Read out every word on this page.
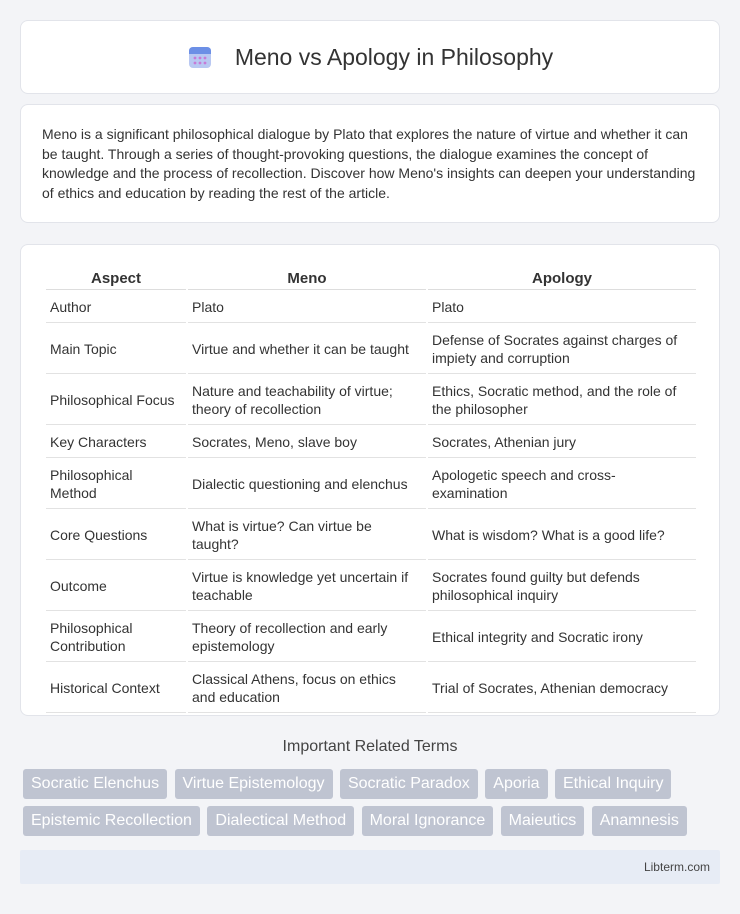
Meno vs Apology in Philosophy

Meno is a significant philosophical dialogue by Plato that explores the nature of virtue and whether it can be taught. Through a series of thought-provoking questions, the dialogue examines the concept of knowledge and the process of recollection. Discover how Meno's insights can deepen your understanding of ethics and education by reading the rest of the article.

Aspect	Meno	Apology
Author	Plato	Plato
Main Topic	Virtue and whether it can be taught	Defense of Socrates against charges of impiety and corruption
Philosophical Focus	Nature and teachability of virtue; theory of recollection	Ethics, Socratic method, and the role of the philosopher
Key Characters	Socrates, Meno, slave boy	Socrates, Athenian jury
Philosophical Method	Dialectic questioning and elenchus	Apologetic speech and cross-examination
Core Questions	What is virtue? Can virtue be taught?	What is wisdom? What is a good life?
Outcome	Virtue is knowledge yet uncertain if teachable	Socrates found guilty but defends philosophical inquiry
Philosophical Contribution	Theory of recollection and early epistemology	Ethical integrity and Socratic irony
Historical Context	Classical Athens, focus on ethics and education	Trial of Socrates, Athenian democracy
Important Related Terms
Socratic Elenchus Virtue Epistemology Socratic Paradox Aporia Ethical Inquiry Epistemic Recollection Dialectical Method Moral Ignorance Maieutics Anamnesis
Libterm.com
